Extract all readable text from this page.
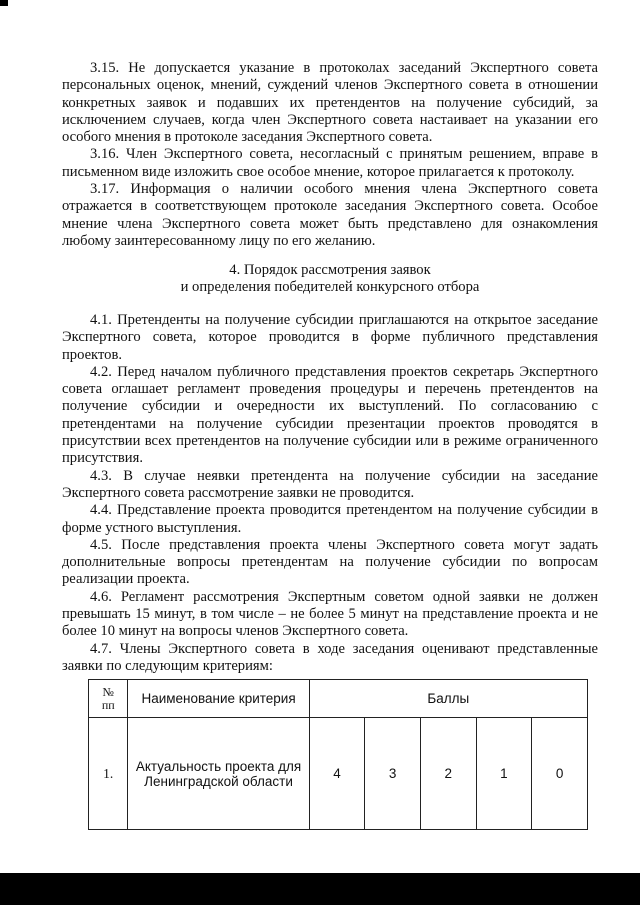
3.15. Не допускается указание в протоколах заседаний Экспертного совета персональных оценок, мнений, суждений членов Экспертного совета в отношении конкретных заявок и подавших их претендентов на получение субсидий, за исключением случаев, когда член Экспертного совета настаивает на указании его особого мнения в протоколе заседания Экспертного совета.

3.16. Член Экспертного совета, несогласный с принятым решением, вправе в письменном виде изложить свое особое мнение, которое прилагается к протоколу.

3.17. Информация о наличии особого мнения члена Экспертного совета отражается в соответствующем протоколе заседания Экспертного совета. Особое мнение члена Экспертного совета может быть представлено для ознакомления любому заинтересованному лицу по его желанию.

4. Порядок рассмотрения заявок
и определения победителей конкурсного отбора

4.1. Претенденты на получение субсидии приглашаются на открытое заседание Экспертного совета, которое проводится в форме публичного представления проектов.

4.2. Перед началом публичного представления проектов секретарь Экспертного совета оглашает регламент проведения процедуры и перечень претендентов на получение субсидии и очередности их выступлений. По согласованию с претендентами на получение субсидии презентации проектов проводятся в присутствии всех претендентов на получение субсидии или в режиме ограниченного присутствия.

4.3. В случае неявки претендента на получение субсидии на заседание Экспертного совета рассмотрение заявки не проводится.

4.4. Представление проекта проводится претендентом на получение субсидии в форме устного выступления.

4.5. После представления проекта члены Экспертного совета могут задать дополнительные вопросы претендентам на получение субсидии по вопросам реализации проекта.

4.6. Регламент рассмотрения Экспертным советом одной заявки не должен превышать 15 минут, в том числе – не более 5 минут на представление проекта и не более 10 минут на вопросы членов Экспертного совета.

4.7. Члены Экспертного совета в ходе заседания оценивают представленные заявки по следующим критериям:

№
пп	Наименование критерия	Баллы				
1.	Актуальность проекта для Ленинградской области	4	3	2	1	0
